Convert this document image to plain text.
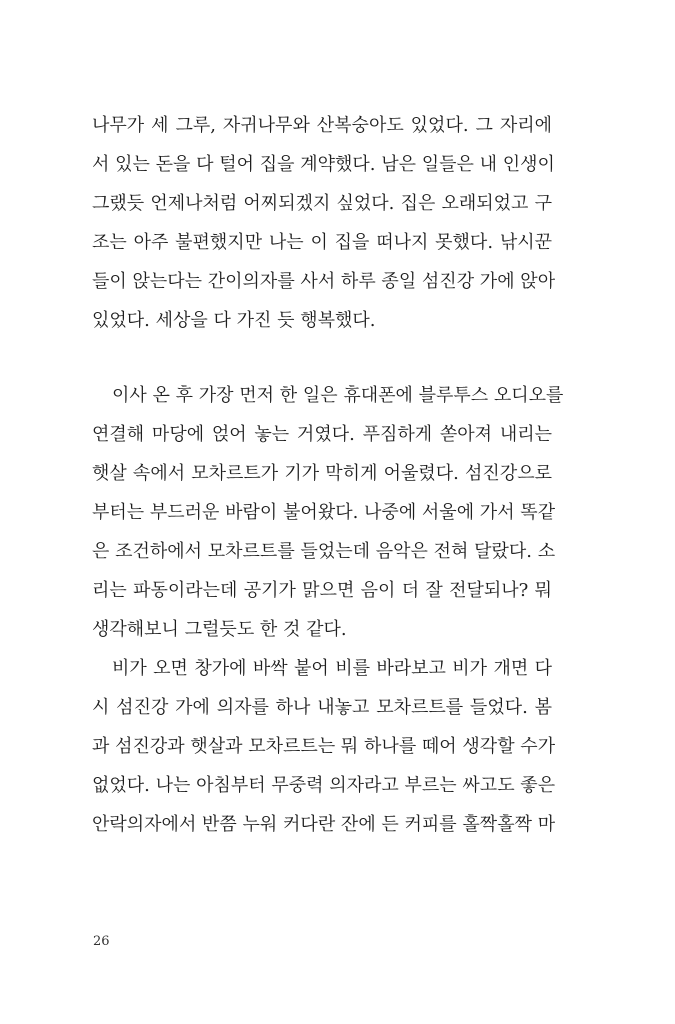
나무가 세 그루, 자귀나무와 산복숭아도 있었다. 그 자리에

서 있는 돈을 다 털어 집을 계약했다. 남은 일들은 내 인생이

그랬듯 언제나처럼 어찌되겠지 싶었다. 집은 오래되었고 구

조는 아주 불편했지만 나는 이 집을 떠나지 못했다. 낚시꾼

들이 앉는다는 간이의자를 사서 하루 종일 섬진강 가에 앉아

있었다. 세상을 다 가진 듯 행복했다.

이사 온 후 가장 먼저 한 일은 휴대폰에 블루투스 오디오를

연결해 마당에 얹어 놓는 거였다. 푸짐하게 쏟아져 내리는

햇살 속에서 모차르트가 기가 막히게 어울렸다. 섬진강으로

부터는 부드러운 바람이 불어왔다. 나중에 서울에 가서 똑같

은 조건하에서 모차르트를 들었는데 음악은 전혀 달랐다. 소

리는 파동이라는데 공기가 맑으면 음이 더 잘 전달되나? 뭐

생각해보니 그럴듯도 한 것 같다.

비가 오면 창가에 바싹 붙어 비를 바라보고 비가 개면 다

시 섬진강 가에 의자를 하나 내놓고 모차르트를 들었다. 봄

과 섬진강과 햇살과 모차르트는 뭐 하나를 떼어 생각할 수가

없었다. 나는 아침부터 무중력 의자라고 부르는 싸고도 좋은

안락의자에서 반쯤 누워 커다란 잔에 든 커피를 홀짝홀짝 마

26
